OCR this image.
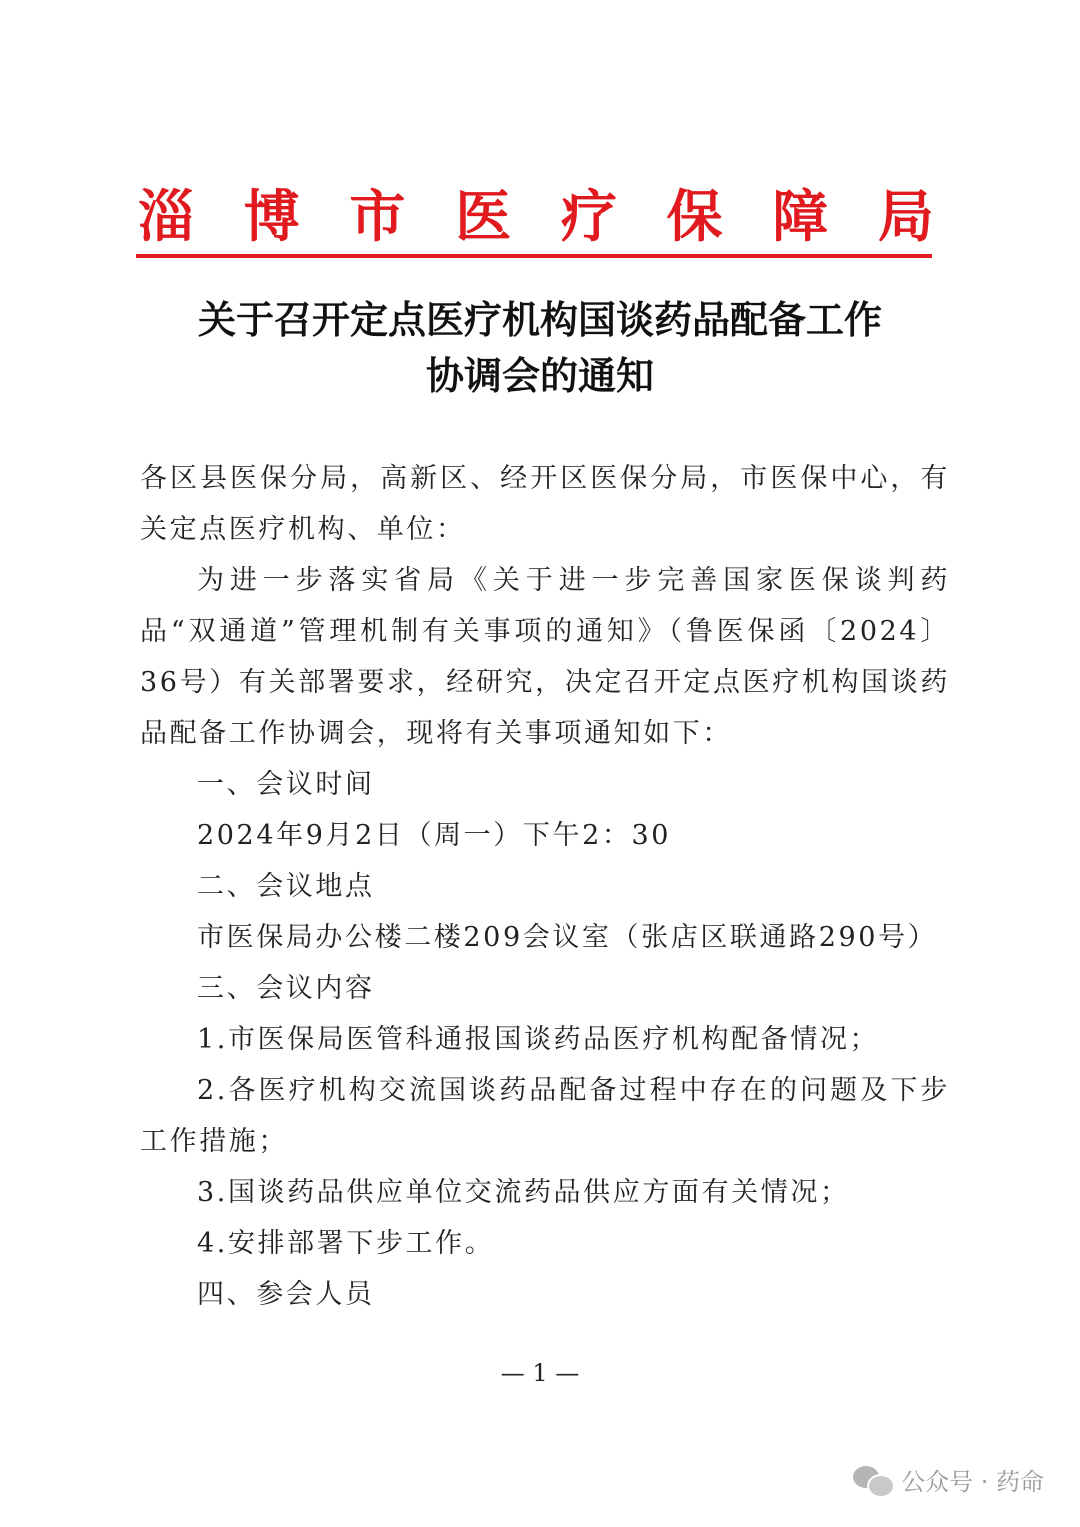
淄 博 市 医 疗 保 障 局
关于召开定点医疗机构国谈药品配备工作
协调会的通知

各区县医保分局，高新区、经开区医保分局，市医保中心，有关定点医疗机构、单位：

为进一步落实省局《关于进一步完善国家医保谈判药品“双通道”管理机制有关事项的通知》（鲁医保函〔2024〕36号）有关部署要求，经研究，决定召开定点医疗机构国谈药品配备工作协调会，现将有关事项通知如下：

一、会议时间

2024年9月2日（周一）下午2：30

二、会议地点

市医保局办公楼二楼209会议室（张店区联通路290号）

三、会议内容

1.市医保局医管科通报国谈药品医疗机构配备情况；

2.各医疗机构交流国谈药品配备过程中存在的问题及下步工作措施；

3.国谈药品供应单位交流药品供应方面有关情况；

4.安排部署下步工作。

四、参会人员

— 1 —
公众号 · 药命
